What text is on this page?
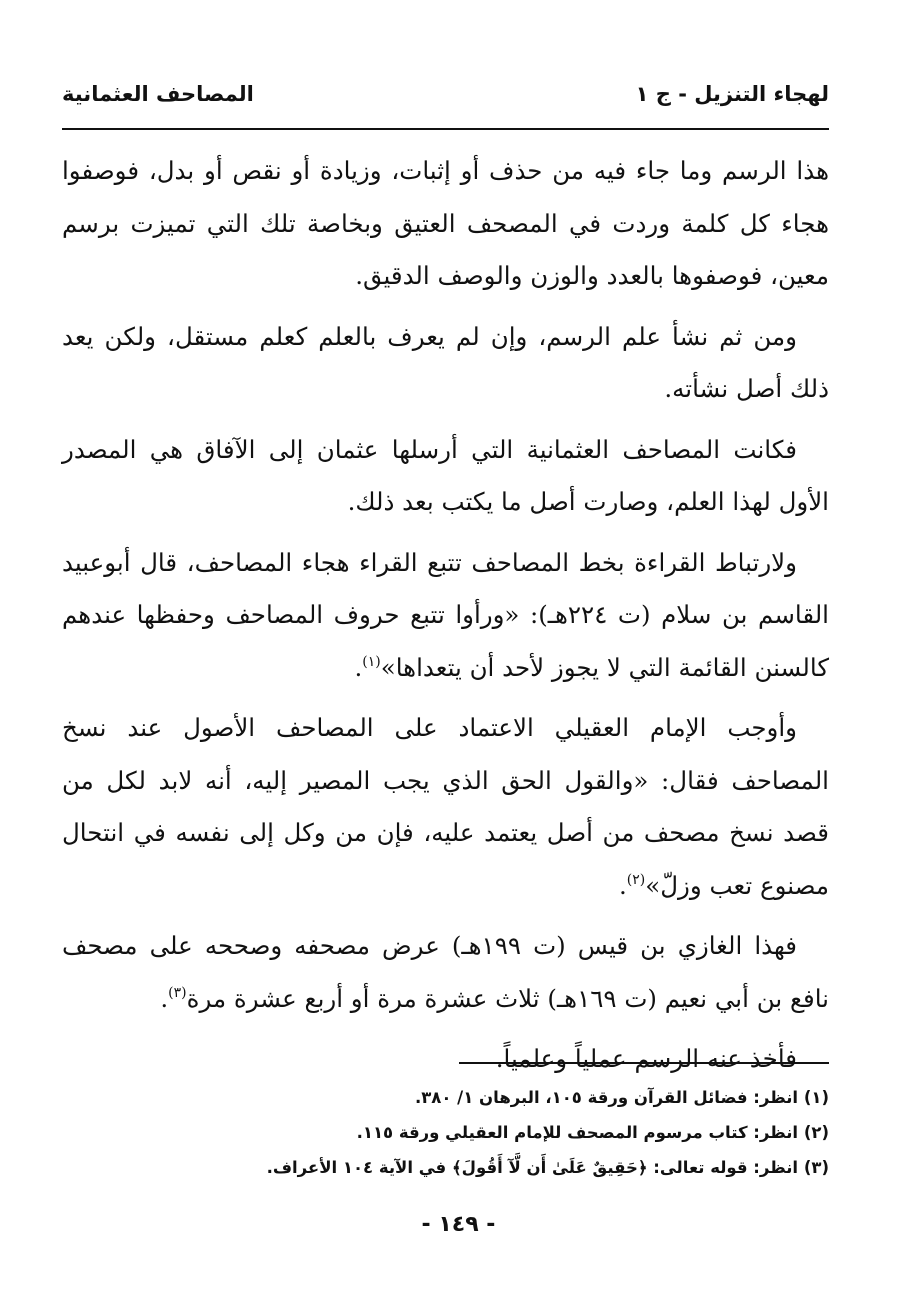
لهجاء التنزيل - ج ١
المصاحف العثمانية

هذا الرسم وما جاء فيه من حذف أو إثبات، وزيادة أو نقص أو بدل، فوصفوا هجاء كل كلمة وردت في المصحف العتيق وبخاصة تلك التي تميزت برسم معين، فوصفوها بالعدد والوزن والوصف الدقيق.

ومن ثم نشأ علم الرسم، وإن لم يعرف بالعلم كعلم مستقل، ولكن يعد ذلك أصل نشأته.

فكانت المصاحف العثمانية التي أرسلها عثمان إلى الآفاق هي المصدر الأول لهذا العلم، وصارت أصل ما يكتب بعد ذلك.

ولارتباط القراءة بخط المصاحف تتبع القراء هجاء المصاحف، قال أبوعبيد القاسم بن سلام (ت ٢٢٤هـ): «ورأوا تتبع حروف المصاحف وحفظها عندهم كالسنن القائمة التي لا يجوز لأحد أن يتعداها»$^{(١)}$.

وأوجب الإمام العقيلي الاعتماد على المصاحف الأصول عند نسخ المصاحف فقال: «والقول الحق الذي يجب المصير إليه، أنه لابد لكل من قصد نسخ مصحف من أصل يعتمد عليه، فإن من وكل إلى نفسه في انتحال مصنوع تعب وزلّ»$^{(٢)}$.

فهذا الغازي بن قيس (ت ١٩٩هـ) عرض مصحفه وصححه على مصحف نافع بن أبي نعيم (ت ١٦٩هـ) ثلاث عشرة مرة أو أربع عشرة مرة$^{(٣)}$.

فأخذ عنه الرسم عملياً وعلمياً.

(١) انظر: فضائل القرآن ورقة ١٠٥، البرهان ١/ ٣٨٠.
(٢) انظر: كتاب مرسوم المصحف للإمام العقيلي ورقة ١١٥.
(٣) انظر: قوله تعالى: ﴿حَقِيقٌ عَلَىٰ أَن لَّآ أَقُولَ﴾ في الآية ١٠٤ الأعراف.
- ١٤٩ -
